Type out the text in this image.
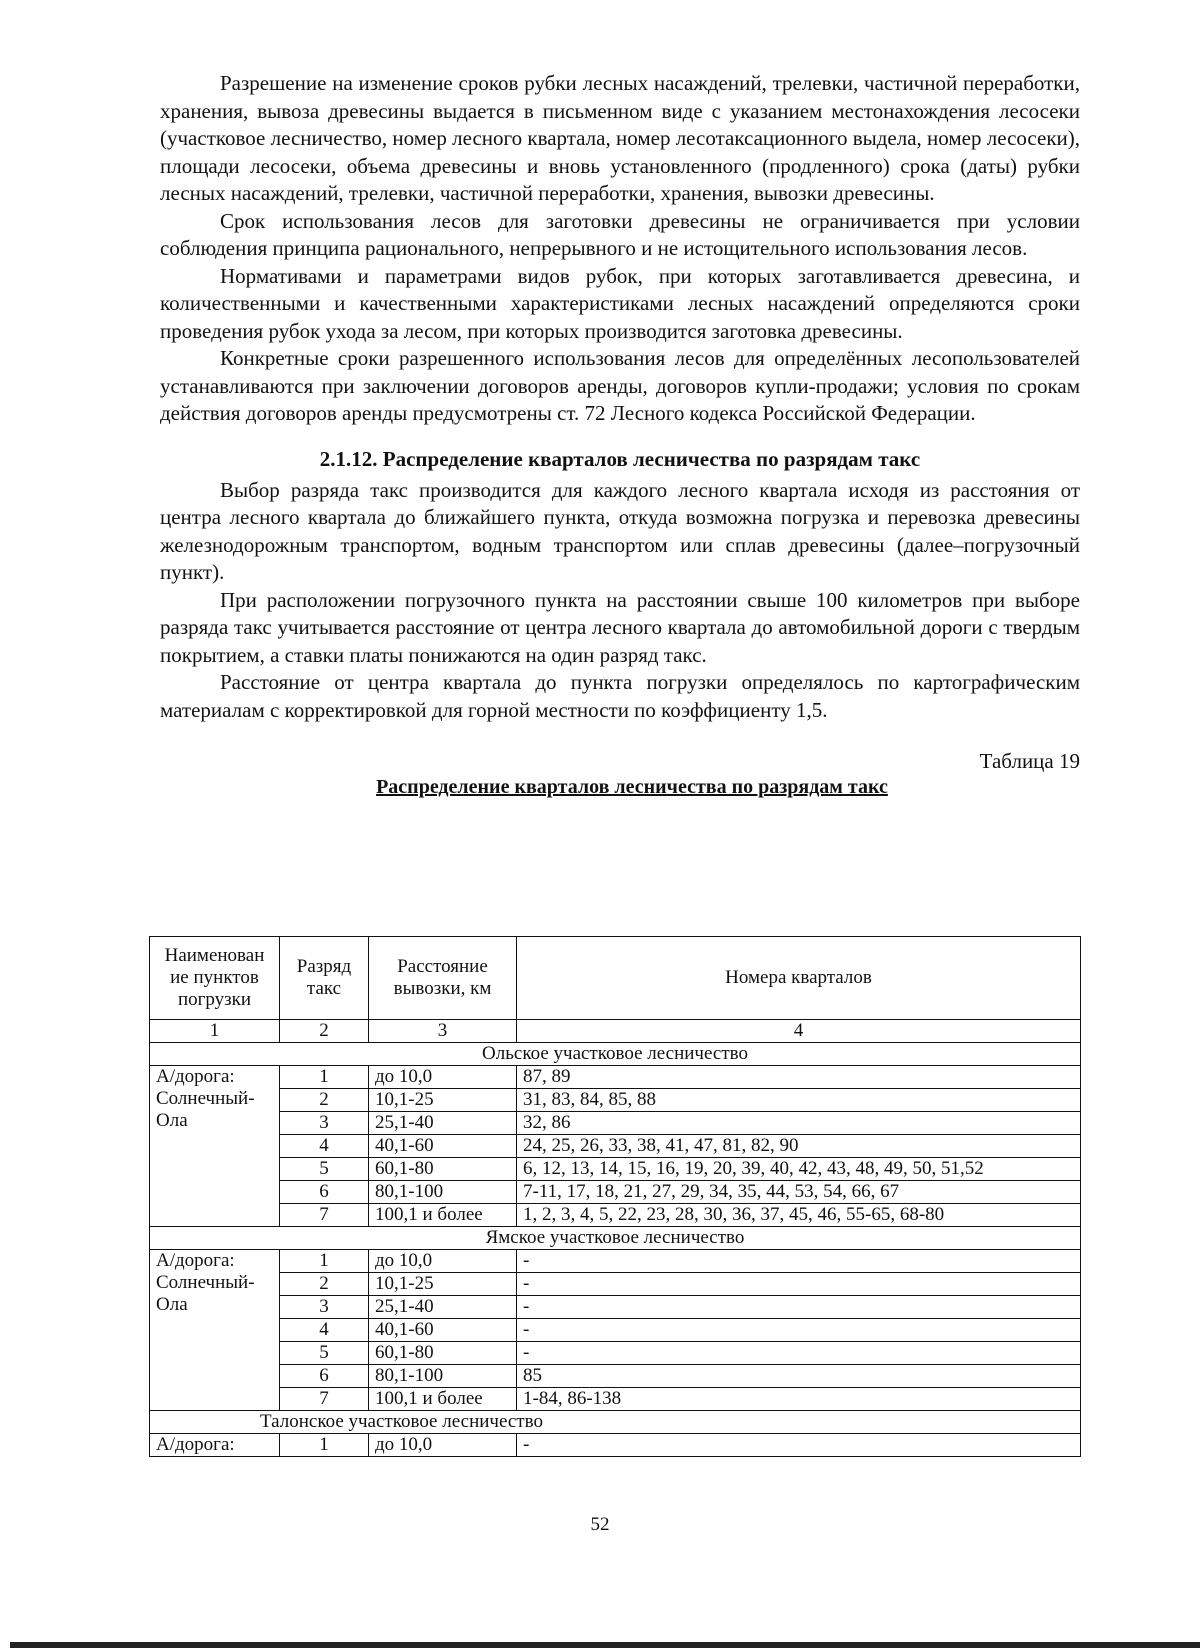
Разрешение на изменение сроков рубки лесных насаждений, трелевки, частичной переработки, хранения, вывоза древесины выдается в письменном виде с указанием местонахождения лесосеки (участковое лесничество, номер лесного квартала, номер лесотаксационного выдела, номер лесосеки), площади лесосеки, объема древесины и вновь установленного (продленного) срока (даты) рубки лесных насаждений, трелевки, частичной переработки, хранения, вывозки древесины.

Срок использования лесов для заготовки древесины не ограничивается при условии соблюдения принципа рационального, непрерывного и не истощительного использования лесов.

Нормативами и параметрами видов рубок, при которых заготавливается древесина, и количественными и качественными характеристиками лесных насаждений определяются сроки проведения рубок ухода за лесом, при которых производится заготовка древесины.

Конкретные сроки разрешенного использования лесов для определённых лесопользователей устанавливаются при заключении договоров аренды, договоров купли-продажи; условия по срокам действия договоров аренды предусмотрены ст. 72 Лесного кодекса Российской Федерации.

2.1.12. Распределение кварталов лесничества по разрядам такс

Выбор разряда такс производится для каждого лесного квартала исходя из расстояния от центра лесного квартала до ближайшего пункта, откуда возможна погрузка и перевозка древесины железнодорожным транспортом, водным транспортом или сплав древесины (далее–погрузочный пункт).

При расположении погрузочного пункта на расстоянии свыше 100 километров при выборе разряда такс учитывается расстояние от центра лесного квартала до автомобильной дороги с твердым покрытием, а ставки платы понижаются на один разряд такс.

Расстояние от центра квартала до пункта погрузки определялось по картографическим материалам с корректировкой для горной местности по коэффициенту 1,5.

Таблица 19
Распределение кварталов лесничества по разрядам такс
Наименован ие пунктов погрузки	Разряд такс	Расстояние вывозки, км	Номера кварталов
1	2	3	4
Ольское участковое лесничество			
А/дорога: Солнечный-Ола	1	до 10,0	87, 89
	2	10,1-25	31, 83, 84, 85, 88
	3	25,1-40	32, 86
	4	40,1-60	24, 25, 26, 33, 38, 41, 47, 81, 82, 90
	5	60,1-80	6, 12, 13, 14, 15, 16, 19, 20, 39, 40, 42, 43, 48, 49, 50, 51,52
	6	80,1-100	7-11, 17, 18, 21, 27, 29, 34, 35, 44, 53, 54, 66, 67
	7	100,1 и более	1, 2, 3, 4, 5, 22, 23, 28, 30, 36, 37, 45, 46, 55-65, 68-80
Ямское участковое лесничество			
А/дорога: Солнечный-Ола	1	до 10,0	-
	2	10,1-25	-
	3	25,1-40	-
	4	40,1-60	-
	5	60,1-80	-
	6	80,1-100	85
	7	100,1 и более	1-84, 86-138
Талонское участковое лесничество			
А/дорога:	1	до 10,0	-
52
